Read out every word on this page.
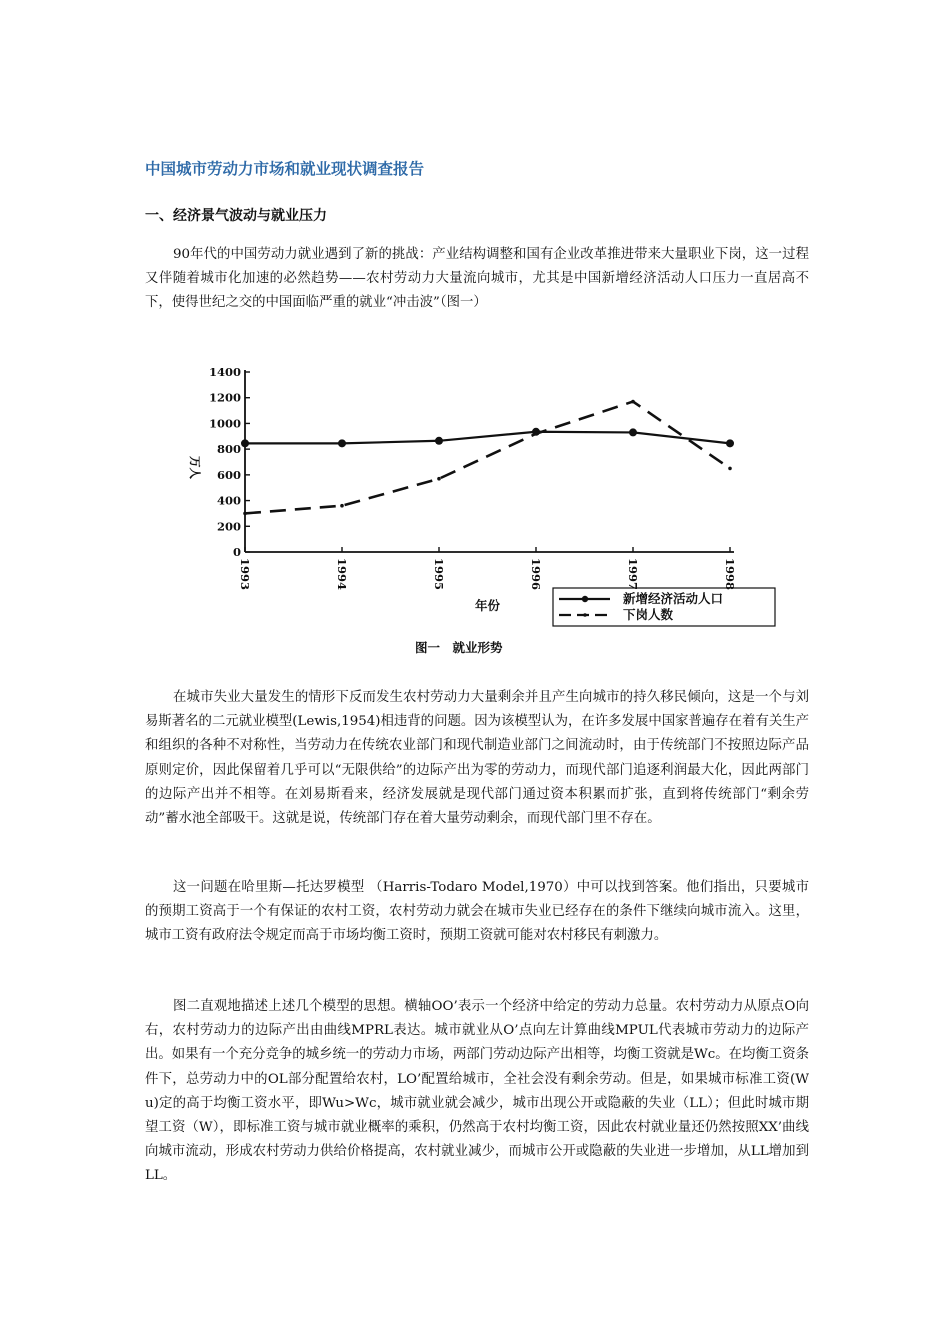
中国城市劳动力市场和就业现状调查报告
一、经济景气波动与就业压力

90年代的中国劳动力就业遇到了新的挑战：产业结构调整和国有企业改革推进带来大量职业下岗，这一过程又伴随着城市化加速的必然趋势——农村劳动力大量流向城市，尤其是中国新增经济活动人口压力一直居高不下，使得世纪之交的中国面临严重的就业“冲击波”（图一）

0
200
400
600
800
1000
1200
1400
1993	1994	1995	1996	1997	1998
万人
年份	新增经济活动人口
下岗人数
图一　就业形势

在城市失业大量发生的情形下反而发生农村劳动力大量剩余并且产生向城市的持久移民倾向，这是一个与刘易斯著名的二元就业模型(Lewis,1954)相违背的问题。因为该模型认为，在许多发展中国家普遍存在着有关生产和组织的各种不对称性，当劳动力在传统农业部门和现代制造业部门之间流动时，由于传统部门不按照边际产品原则定价，因此保留着几乎可以“无限供给”的边际产出为零的劳动力，而现代部门追逐利润最大化，因此两部门的边际产出并不相等。在刘易斯看来，经济发展就是现代部门通过资本积累而扩张，直到将传统部门“剩余劳动”蓄水池全部吸干。这就是说，传统部门存在着大量劳动剩余，而现代部门里不存在。

这一问题在哈里斯—托达罗模型 （Harris-Todaro Model,1970）中可以找到答案。他们指出，只要城市的预期工资高于一个有保证的农村工资，农村劳动力就会在城市失业已经存在的条件下继续向城市流入。这里，城市工资有政府法令规定而高于市场均衡工资时，预期工资就可能对农村移民有刺激力。

图二直观地描述上述几个模型的思想。横轴OO’表示一个经济中给定的劳动力总量。农村劳动力从原点O向右，农村劳动力的边际产出由曲线MPRL表达。城市就业从O’点向左计算曲线MPUL代表城市劳动力的边际产出。如果有一个充分竞争的城乡统一的劳动力市场，两部门劳动边际产出相等，均衡工资就是Wc。在均衡工资条件下，总劳动力中的OL部分配置给农村，LO’配置给城市，全社会没有剩余劳动。但是，如果城市标准工资(Wu)定的高于均衡工资水平，即Wu>Wc，城市就业就会减少，城市出现公开或隐蔽的失业（LL）；但此时城市期望工资（W），即标准工资与城市就业概率的乘积，仍然高于农村均衡工资，因此农村就业量还仍然按照XX’曲线向城市流动，形成农村劳动力供给价格提高，农村就业减少，而城市公开或隐蔽的失业进一步增加，从LL增加到LL。
